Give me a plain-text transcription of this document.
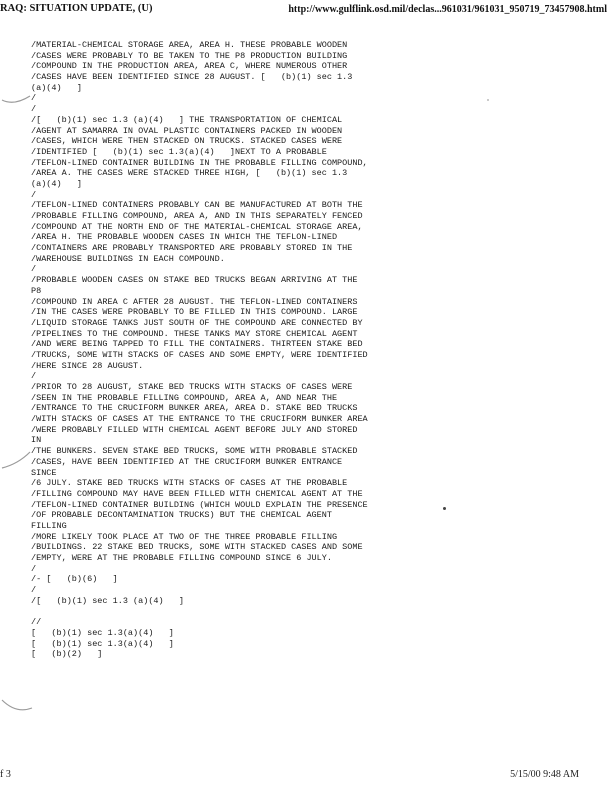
RAQ: SITUATION UPDATE, (U)	http://www.gulflink.osd.mil/declas...961031/961031_950719_73457908.html
/MATERIAL-CHEMICAL STORAGE AREA, AREA H. THESE PROBABLE WOODEN
/CASES WERE PROBABLY TO BE TAKEN TO THE P8 PRODUCTION BUILDING
/COMPOUND IN THE PRODUCTION AREA, AREA C, WHERE NUMEROUS OTHER
/CASES HAVE BEEN IDENTIFIED SINCE 28 AUGUST. [   (b)(1) sec 1.3
(a)(4)   ]
/
/
/[   (b)(1) sec 1.3 (a)(4)   ] THE TRANSPORTATION OF CHEMICAL
/AGENT AT SAMARRA IN OVAL PLASTIC CONTAINERS PACKED IN WOODEN
/CASES, WHICH WERE THEN STACKED ON TRUCKS. STACKED CASES WERE
/IDENTIFIED [   (b)(1) sec 1.3(a)(4)   ]NEXT TO A PROBABLE
/TEFLON-LINED CONTAINER BUILDING IN THE PROBABLE FILLING COMPOUND,
/AREA A. THE CASES WERE STACKED THREE HIGH, [   (b)(1) sec 1.3
(a)(4)   ]
/
/TEFLON-LINED CONTAINERS PROBABLY CAN BE MANUFACTURED AT BOTH THE
/PROBABLE FILLING COMPOUND, AREA A, AND IN THIS SEPARATELY FENCED
/COMPOUND AT THE NORTH END OF THE MATERIAL-CHEMICAL STORAGE AREA,
/AREA H. THE PROBABLE WOODEN CASES IN WHICH THE TEFLON-LINED
/CONTAINERS ARE PROBABLY TRANSPORTED ARE PROBABLY STORED IN THE
/WAREHOUSE BUILDINGS IN EACH COMPOUND.
/
/PROBABLE WOODEN CASES ON STAKE BED TRUCKS BEGAN ARRIVING AT THE
P8
/COMPOUND IN AREA C AFTER 28 AUGUST. THE TEFLON-LINED CONTAINERS
/IN THE CASES WERE PROBABLY TO BE FILLED IN THIS COMPOUND. LARGE
/LIQUID STORAGE TANKS JUST SOUTH OF THE COMPOUND ARE CONNECTED BY
/PIPELINES TO THE COMPOUND. THESE TANKS MAY STORE CHEMICAL AGENT
/AND WERE BEING TAPPED TO FILL THE CONTAINERS. THIRTEEN STAKE BED
/TRUCKS, SOME WITH STACKS OF CASES AND SOME EMPTY, WERE IDENTIFIED
/HERE SINCE 28 AUGUST.
/
/PRIOR TO 28 AUGUST, STAKE BED TRUCKS WITH STACKS OF CASES WERE
/SEEN IN THE PROBABLE FILLING COMPOUND, AREA A, AND NEAR THE
/ENTRANCE TO THE CRUCIFORM BUNKER AREA, AREA D. STAKE BED TRUCKS
/WITH STACKS OF CASES AT THE ENTRANCE TO THE CRUCIFORM BUNKER AREA
/WERE PROBABLY FILLED WITH CHEMICAL AGENT BEFORE JULY AND STORED
IN
/THE BUNKERS. SEVEN STAKE BED TRUCKS, SOME WITH PROBABLE STACKED
/CASES, HAVE BEEN IDENTIFIED AT THE CRUCIFORM BUNKER ENTRANCE
SINCE
/6 JULY. STAKE BED TRUCKS WITH STACKS OF CASES AT THE PROBABLE
/FILLING COMPOUND MAY HAVE BEEN FILLED WITH CHEMICAL AGENT AT THE
/TEFLON-LINED CONTAINER BUILDING (WHICH WOULD EXPLAIN THE PRESENCE
/OF PROBABLE DECONTAMINATION TRUCKS) BUT THE CHEMICAL AGENT
FILLING
/MORE LIKELY TOOK PLACE AT TWO OF THE THREE PROBABLE FILLING
/BUILDINGS. 22 STAKE BED TRUCKS, SOME WITH STACKED CASES AND SOME
/EMPTY, WERE AT THE PROBABLE FILLING COMPOUND SINCE 6 JULY.
/
/- [   (b)(6)   ]
/
/[   (b)(1) sec 1.3 (a)(4)   ]
//
[   (b)(1) sec 1.3(a)(4)   ]
[   (b)(1) sec 1.3(a)(4)   ]
[   (b)(2)   ]
f 3	5/15/00 9:48 AM
